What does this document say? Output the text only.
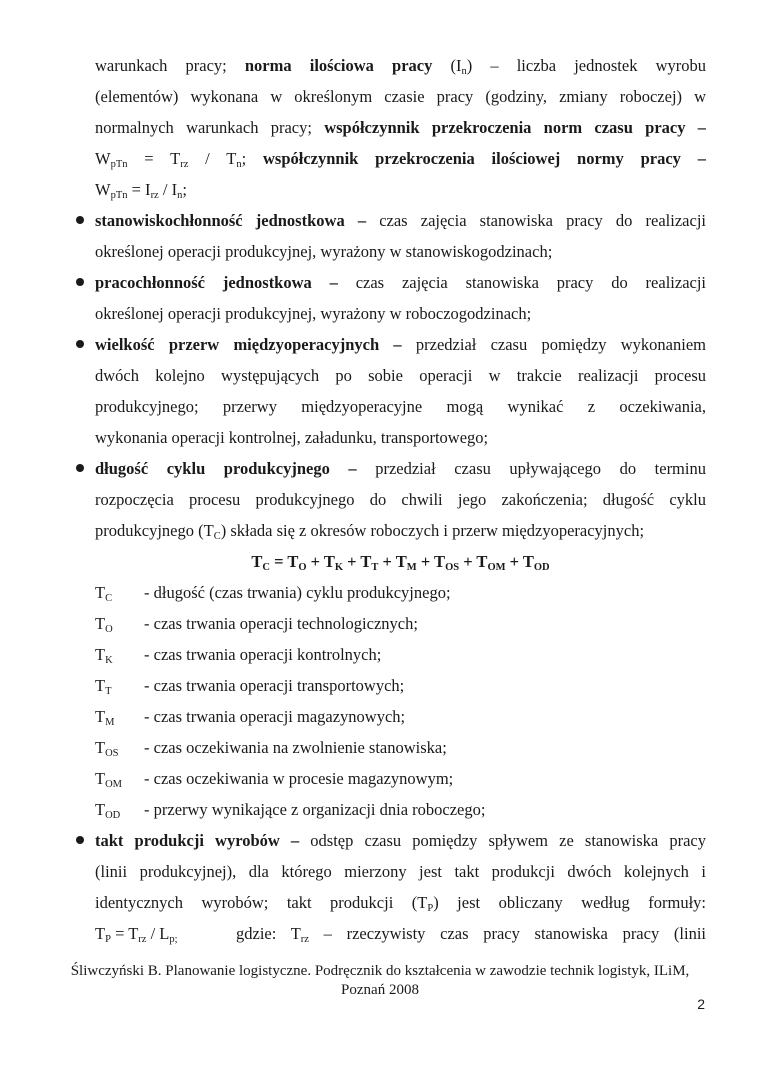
warunkach pracy; norma ilościowa pracy $(I_n)$ – liczba jednostek wyrobu
(elementów) wykonana w określonym czasie pracy (godziny, zmiany roboczej) w
normalnych warunkach pracy; współczynnik przekroczenia norm czasu pracy –
$W_{pTn} = T_{rz} / T_n$; współczynnik przekroczenia ilościowej normy pracy –
$W_{pTn} = I_{rz} / I_n$;
stanowiskochłonność jednostkowa – czas zajęcia stanowiska pracy do realizacji
określonej operacji produkcyjnej, wyrażony w stanowiskogodzinach;
pracochłonność jednostkowa – czas zajęcia stanowiska pracy do realizacji
określonej operacji produkcyjnej, wyrażony w roboczogodzinach;
wielkość przerw międzyoperacyjnych – przedział czasu pomiędzy wykonaniem
dwóch kolejno występujących po sobie operacji w trakcie realizacji procesu
produkcyjnego; przerwy międzyoperacyjne mogą wynikać z oczekiwania,
wykonania operacji kontrolnej, załadunku, transportowego;
długość cyklu produkcyjnego – przedział czasu upływającego do terminu
rozpoczęcia procesu produkcyjnego do chwili jego zakończenia; długość cyklu
produkcyjnego $(T_C)$ składa się z okresów roboczych i przerw międzyoperacyjnych;
$T_C = T_O + T_K + T_T + T_M + T_{OS} + T_{OM} + T_{OD}$
$T_C$ - długość (czas trwania) cyklu produkcyjnego;
$T_O$ - czas trwania operacji technologicznych;
$T_K$ - czas trwania operacji kontrolnych;
$T_T$ - czas trwania operacji transportowych;
$T_M$ - czas trwania operacji magazynowych;
$T_{OS}$ - czas oczekiwania na zwolnienie stanowiska;
$T_{OM}$ - czas oczekiwania w procesie magazynowym;
$T_{OD}$ - przerwy wynikające z organizacji dnia roboczego;
takt produkcji wyrobów – odstęp czasu pomiędzy spływem ze stanowiska pracy
(linii produkcyjnej), dla którego mierzony jest takt produkcji dwóch kolejnych i
identycznych wyrobów; takt produkcji $(T_P)$ jest obliczany według formuły:
$T_P = T_{rz} / L_{p;}$	gdzie: $T_{rz}$ – rzeczywisty czas pracy stanowiska pracy (linii
Śliwczyński B. Planowanie logistyczne. Podręcznik do kształcenia w zawodzie technik logistyk, ILiM,
Poznań 2008
2
